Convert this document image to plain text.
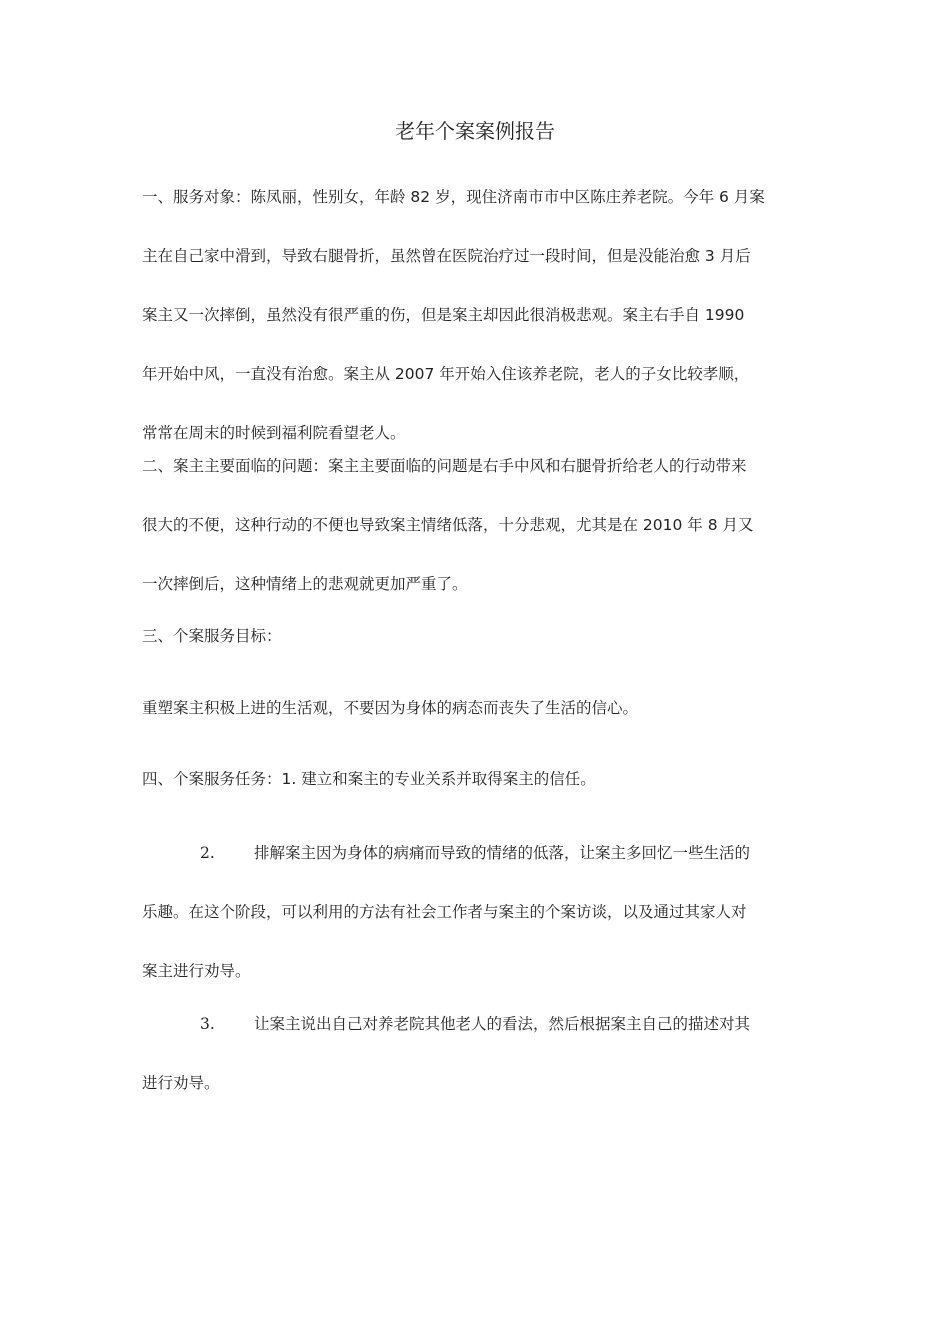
老年个案案例报告
一、服务对象：陈凤丽，性别女，年龄 82 岁，现住济南市市中区陈庄养老院。今年 6 月案
主在自己家中滑到，导致右腿骨折，虽然曾在医院治疗过一段时间，但是没能治愈 3 月后
案主又一次摔倒，虽然没有很严重的伤，但是案主却因此很消极悲观。案主右手自 1990
年开始中风，一直没有治愈。案主从 2007 年开始入住该养老院，老人的子女比较孝顺，
常常在周末的时候到福利院看望老人。
二、案主主要面临的问题：案主主要面临的问题是右手中风和右腿骨折给老人的行动带来
很大的不便，这种行动的不便也导致案主情绪低落，十分悲观，尤其是在 2010 年 8 月又
一次摔倒后，这种情绪上的悲观就更加严重了。
三、个案服务目标：
重塑案主积极上进的生活观，不要因为身体的病态而丧失了生活的信心。
四、个案服务任务：1. 建立和案主的专业关系并取得案主的信任。
2.	排解案主因为身体的病痛而导致的情绪的低落，让案主多回忆一些生活的
乐趣。在这个阶段，可以利用的方法有社会工作者与案主的个案访谈，以及通过其家人对
案主进行劝导。
3.	让案主说出自己对养老院其他老人的看法，然后根据案主自己的描述对其
进行劝导。
